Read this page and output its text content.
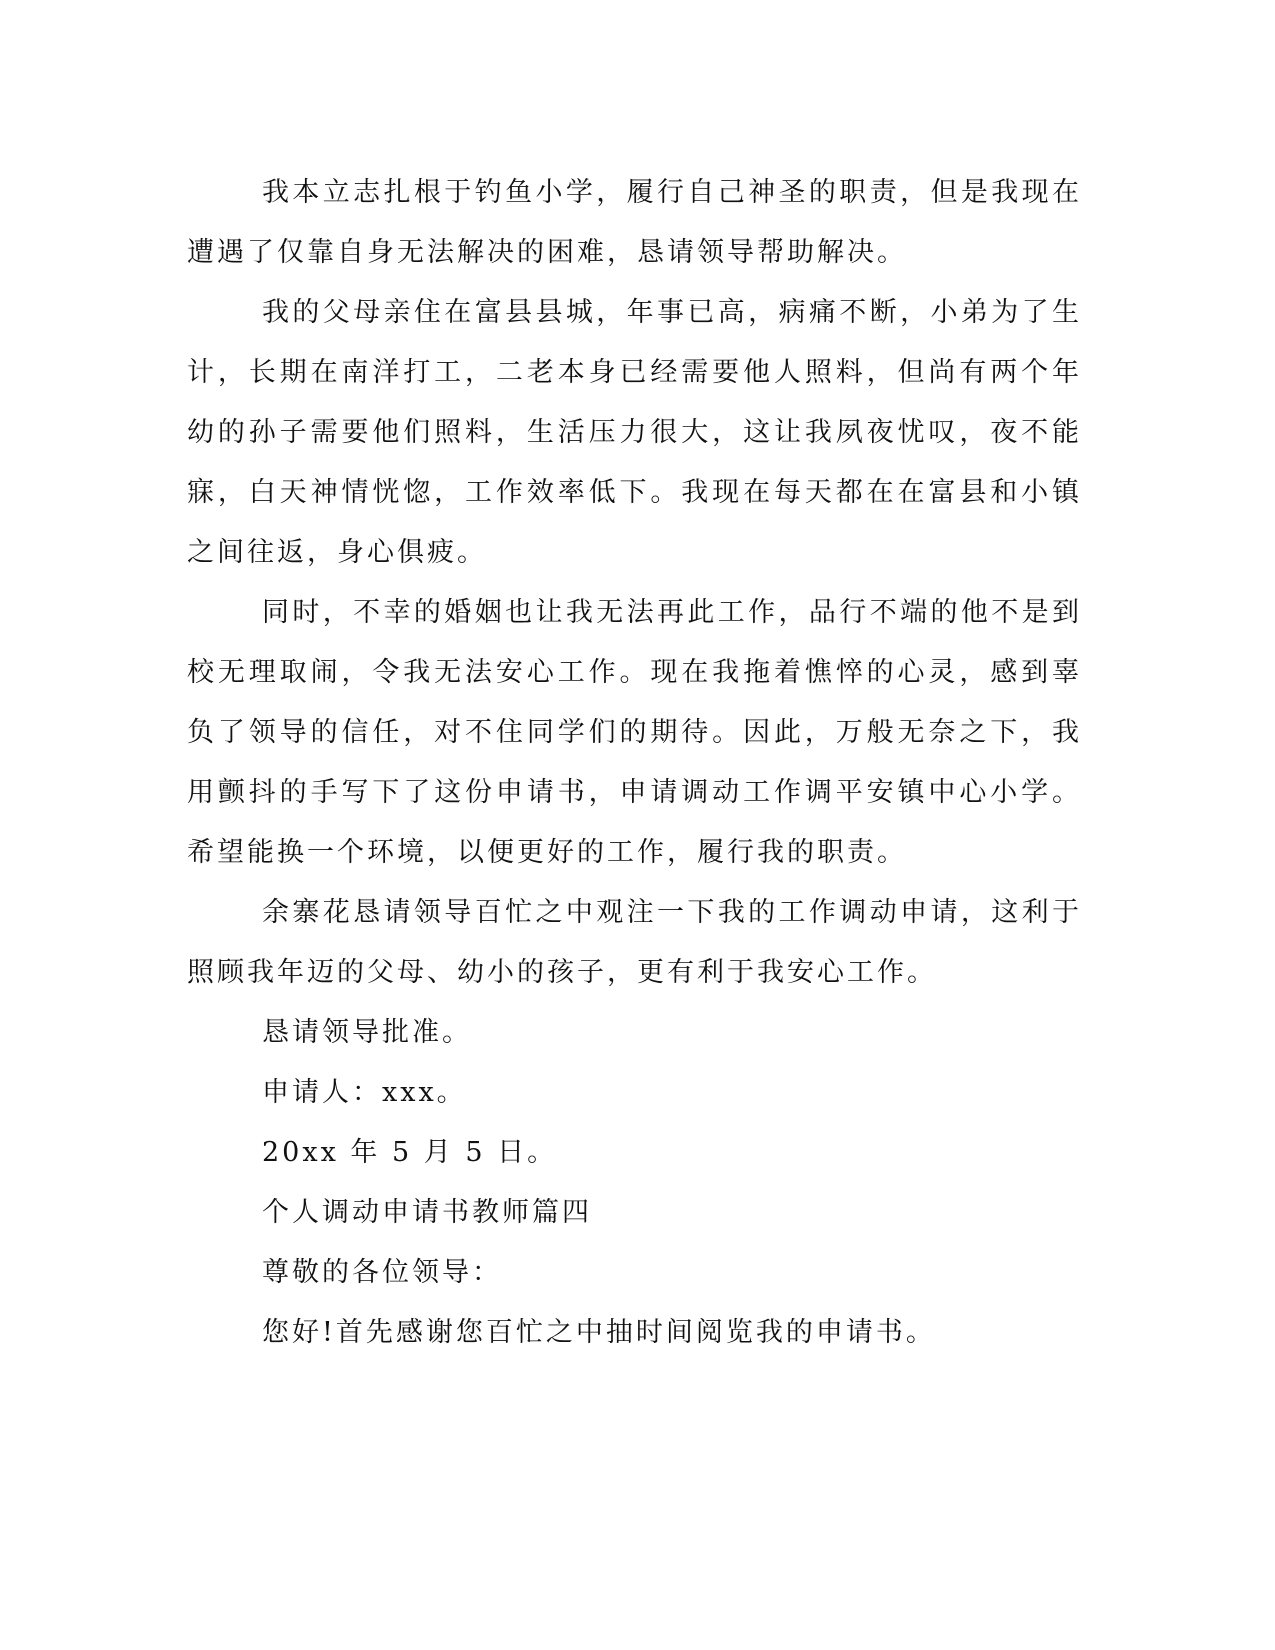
我本立志扎根于钓鱼小学，履行自己神圣的职责，但是我现在遭遇了仅靠自身无法解决的困难，恳请领导帮助解决。

我的父母亲住在富县县城，年事已高，病痛不断，小弟为了生计，长期在南洋打工，二老本身已经需要他人照料，但尚有两个年幼的孙子需要他们照料，生活压力很大，这让我夙夜忧叹，夜不能寐，白天神情恍惚，工作效率低下。我现在每天都在在富县和小镇之间往返，身心俱疲。

同时，不幸的婚姻也让我无法再此工作，品行不端的他不是到校无理取闹，令我无法安心工作。现在我拖着憔悴的心灵，感到辜负了领导的信任，对不住同学们的期待。因此，万般无奈之下，我用颤抖的手写下了这份申请书，申请调动工作调平安镇中心小学。希望能换一个环境，以便更好的工作，履行我的职责。

余寨花恳请领导百忙之中观注一下我的工作调动申请，这利于照顾我年迈的父母、幼小的孩子，更有利于我安心工作。

恳请领导批准。

申请人：xxx。

20xx 年 5 月 5 日。

个人调动申请书教师篇四

尊敬的各位领导：

您好!首先感谢您百忙之中抽时间阅览我的申请书。
